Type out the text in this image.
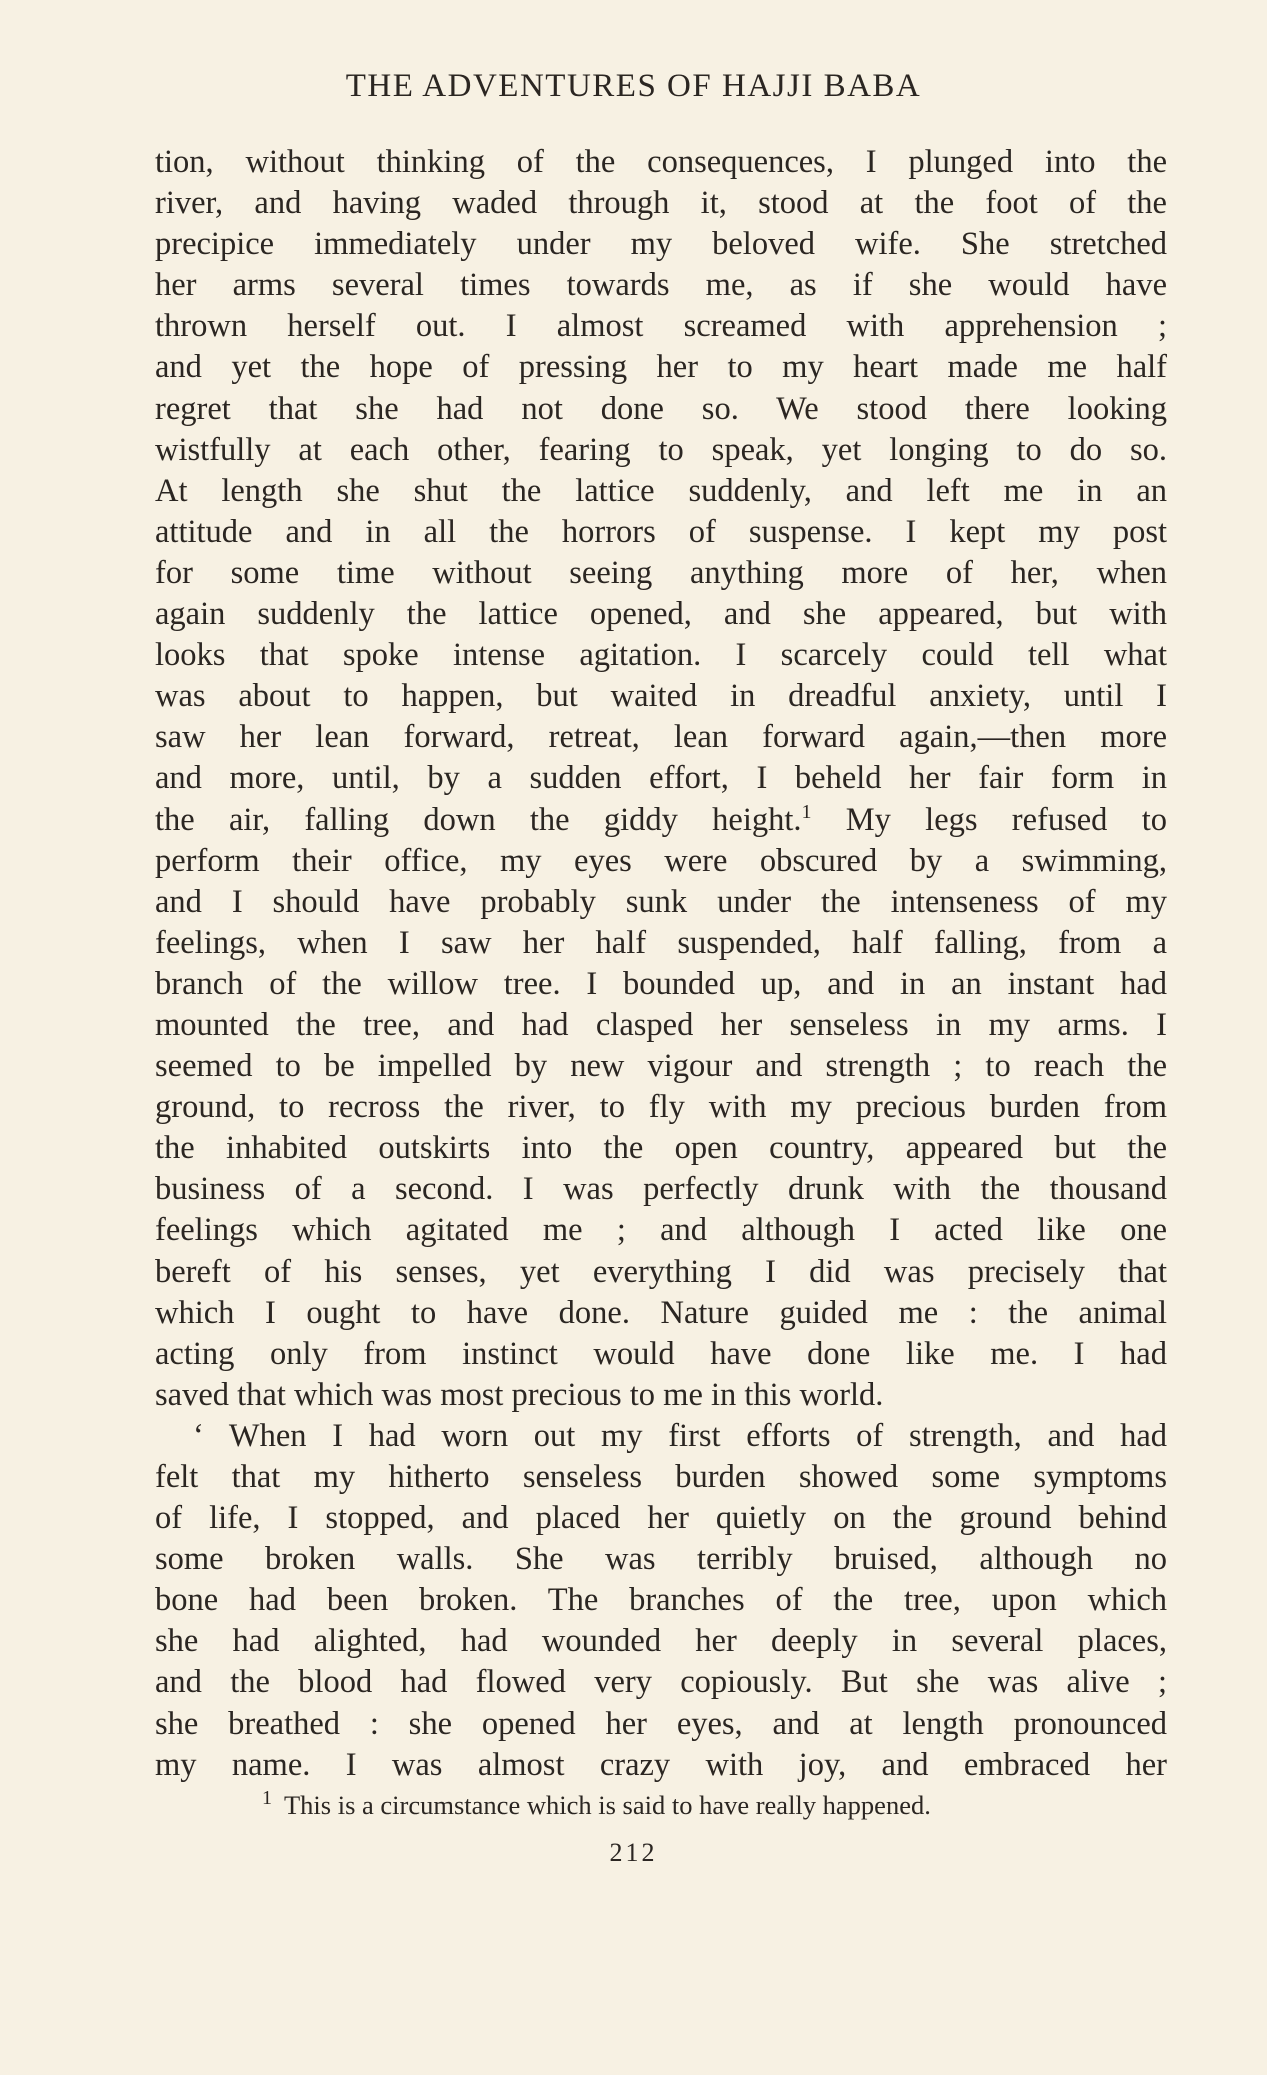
THE ADVENTURES OF HAJJI BABA
tion, without thinking of the consequences, I plunged into the
river, and having waded through it, stood at the foot of the
precipice immediately under my beloved wife. She stretched
her arms several times towards me, as if she would have
thrown herself out. I almost screamed with apprehension ;
and yet the hope of pressing her to my heart made me half
regret that she had not done so. We stood there looking
wistfully at each other, fearing to speak, yet longing to do so.
At length she shut the lattice suddenly, and left me in an
attitude and in all the horrors of suspense. I kept my post
for some time without seeing anything more of her, when
again suddenly the lattice opened, and she appeared, but with
looks that spoke intense agitation. I scarcely could tell what
was about to happen, but waited in dreadful anxiety, until I
saw her lean forward, retreat, lean forward again,—then more
and more, until, by a sudden effort, I beheld her fair form in
the air, falling down the giddy height.$^1$ My legs refused to
perform their office, my eyes were obscured by a swimming,
and I should have probably sunk under the intenseness of my
feelings, when I saw her half suspended, half falling, from a
branch of the willow tree. I bounded up, and in an instant had
mounted the tree, and had clasped her senseless in my arms. I
seemed to be impelled by new vigour and strength ; to reach the
ground, to recross the river, to fly with my precious burden from
the inhabited outskirts into the open country, appeared but the
business of a second. I was perfectly drunk with the thousand
feelings which agitated me ; and although I acted like one
bereft of his senses, yet everything I did was precisely that
which I ought to have done. Nature guided me : the animal
acting only from instinct would have done like me. I had
saved that which was most precious to me in this world.
‘ When I had worn out my first efforts of strength, and had
felt that my hitherto senseless burden showed some symptoms
of life, I stopped, and placed her quietly on the ground behind
some broken walls. She was terribly bruised, although no
bone had been broken. The branches of the tree, upon which
she had alighted, had wounded her deeply in several places,
and the blood had flowed very copiously. But she was alive ;
she breathed : she opened her eyes, and at length pronounced
my name. I was almost crazy with joy, and embraced her
$^1$ This is a circumstance which is said to have really happened.
212
